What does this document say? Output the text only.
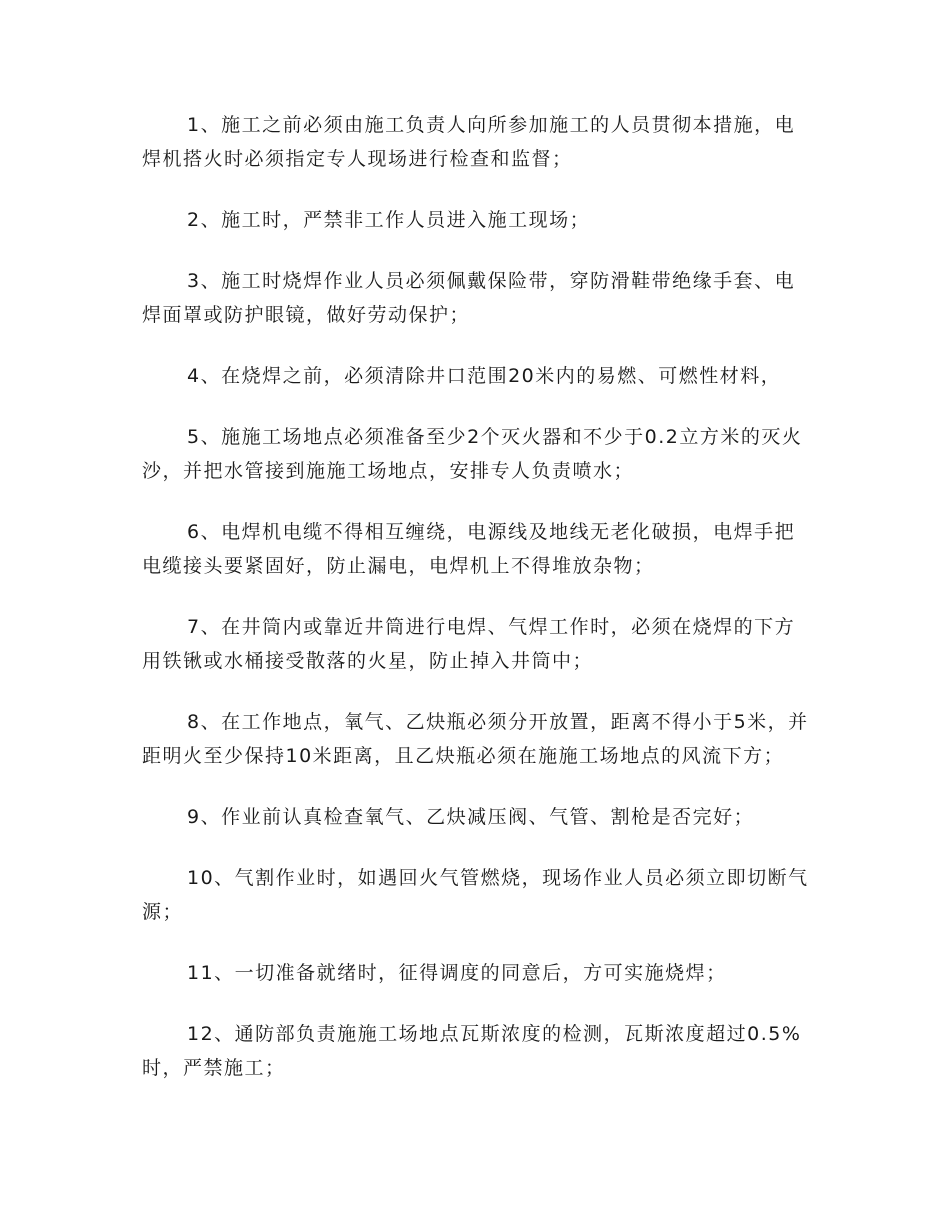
1、施工之前必须由施工负责人向所参加施工的人员贯彻本措施，电焊机搭火时必须指定专人现场进行检查和监督；

2、施工时，严禁非工作人员进入施工现场；

3、施工时烧焊作业人员必须佩戴保险带，穿防滑鞋带绝缘手套、电焊面罩或防护眼镜，做好劳动保护；

4、在烧焊之前，必须清除井口范围20米内的易燃、可燃性材料，

5、施施工场地点必须准备至少2个灭火器和不少于0.2立方米的灭火沙，并把水管接到施施工场地点，安排专人负责喷水；

6、电焊机电缆不得相互缠绕，电源线及地线无老化破损，电焊手把电缆接头要紧固好，防止漏电，电焊机上不得堆放杂物；

7、在井筒内或靠近井筒进行电焊、气焊工作时，必须在烧焊的下方用铁锹或水桶接受散落的火星，防止掉入井筒中；

8、在工作地点，氧气、乙炔瓶必须分开放置，距离不得小于5米，并距明火至少保持10米距离，且乙炔瓶必须在施施工场地点的风流下方；

9、作业前认真检查氧气、乙炔减压阀、气管、割枪是否完好；

10、气割作业时，如遇回火气管燃烧，现场作业人员必须立即切断气源；

11、一切准备就绪时，征得调度的同意后，方可实施烧焊；

12、通防部负责施施工场地点瓦斯浓度的检测，瓦斯浓度超过0.5%时，严禁施工；
